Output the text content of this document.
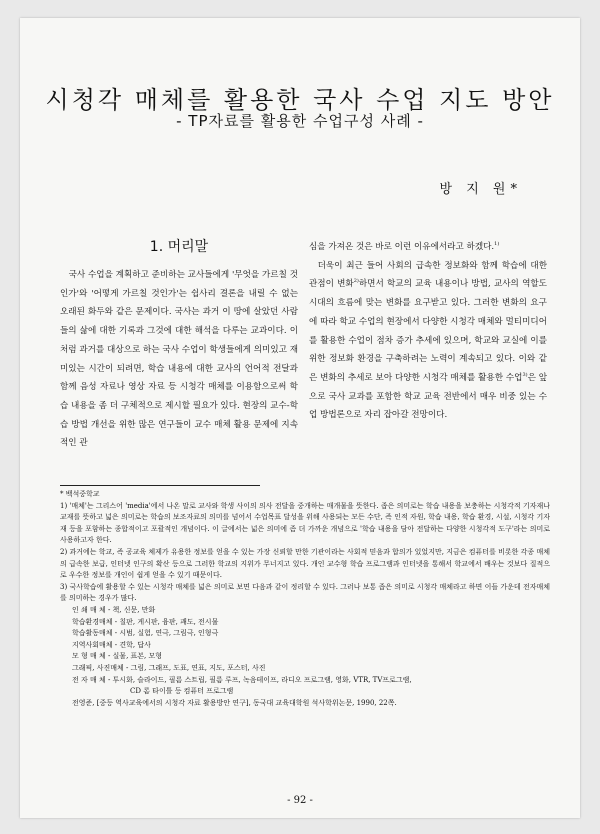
시청각 매체를 활용한 국사 수업 지도 방안
- TP자료를 활용한 수업구성 사례 -
방 지 원*
1. 머리말

국사 수업을 계획하고 준비하는 교사들에게 '무엇을 가르칠 것인가'와 '어떻게 가르칠 것인가'는 쉽사리 결론을 내릴 수 없는 오래된 화두와 같은 문제이다. 국사는 과거 이 땅에 살았던 사람들의 삶에 대한 기록과 그것에 대한 해석을 다루는 교과이다. 이처럼 과거를 대상으로 하는 국사 수업이 학생들에게 의미있고 재미있는 시간이 되려면, 학습 내용에 대한 교사의 언어적 전달과 함께 음성 자료나 영상 자료 등 시청각 매체를 이용함으로써 학습 내용을 좀 더 구체적으로 제시할 필요가 있다. 현장의 교수-학습 방법 개선을 위한 많은 연구들이 교수 매체 활용 문제에 지속적인 관

심을 가져온 것은 바로 이런 이유에서라고 하겠다.$^{1)}$

더욱이 최근 들어 사회의 급속한 정보화와 함께 학습에 대한 관점이 변화$^{2)}$하면서 학교의 교육 내용이나 방법, 교사의 역할도 시대의 흐름에 맞는 변화를 요구받고 있다. 그러한 변화의 요구에 따라 학교 수업의 현장에서 다양한 시청각 매체와 멀티미디어를 활용한 수업이 점차 증가 추세에 있으며, 학교와 교실에 이를 위한 정보화 환경을 구축하려는 노력이 계속되고 있다. 이와 같은 변화의 추세로 보아 다양한 시청각 매체를 활용한 수업$^{3)}$은 앞으로 국사 교과를 포함한 학교 교육 전반에서 매우 비중 있는 수업 방법론으로 자리 잡아갈 전망이다.

* 백석중학교

1) '매체'는 그리스어 'media'에서 나온 말로 교사와 학생 사이의 의사 전달을 중개하는 매개물을 뜻한다. 좁은 의미로는 학습 내용을 보충하는 시청각적 기자재나 교재를 뜻하고 넓은 의미로는 학습의 보조자료의 의미를 넘어서 수업목표 달성을 위해 사용되는 모든 수단, 즉 인적 자원, 학습 내용, 학습 환경, 시설, 시청각 기자재 등을 포함하는 종합적이고 포괄적인 개념이다. 이 글에서는 넓은 의미에 좀 더 가까운 개념으로 '학습 내용을 담아 전달하는 다양한 시청각적 도구'라는 의미로 사용하고자 한다.

2) 과거에는 학교, 즉 공교육 체제가 유용한 정보를 얻을 수 있는 가장 신뢰할 만한 기관이라는 사회적 믿음과 합의가 있었지만, 지금은 컴퓨터를 비롯한 각종 매체의 급속한 보급, 인터넷 인구의 확산 등으로 그러한 학교의 지위가 무너지고 있다. 개인 교수형 학습 프로그램과 인터넷을 통해서 학교에서 배우는 것보다 질적으로 우수한 정보를 개인이 쉽게 얻을 수 있기 때문이다.

3) 국사학습에 활용할 수 있는 시청각 매체를 넓은 의미로 보면 다음과 같이 정리할 수 있다. 그러나 보통 좁은 의미로 시청각 매체라고 하면 이들 가운데 전자매체를 의미하는 경우가 많다.

인 쇄 매 체 - 책, 신문, 만화

학습환경매체 - 칠판, 게시판, 융판, 괘도, 전시물

학습활동매체 - 시범, 실험, 연극, 그림극, 인형극

지역사회매체 - 견학, 답사

모 형 매 체 - 실물, 표본, 모형

그래픽, 사진매체 - 그림, 그래프, 도표, 연표, 지도, 포스터, 사진

전 자 매 체 - 투시화, 슬라이드, 필름 스트립, 필름 루프, 녹음테이프, 라디오 프로그램, 영화, VTR, TV프로그램,

CD 롬 타이틀 등 컴퓨터 프로그램

전영준, [중등 역사교육에서의 시청각 자료 활용방안 연구], 동국대 교육대학원 석사학위논문, 1990, 22쪽.

- 92 -
